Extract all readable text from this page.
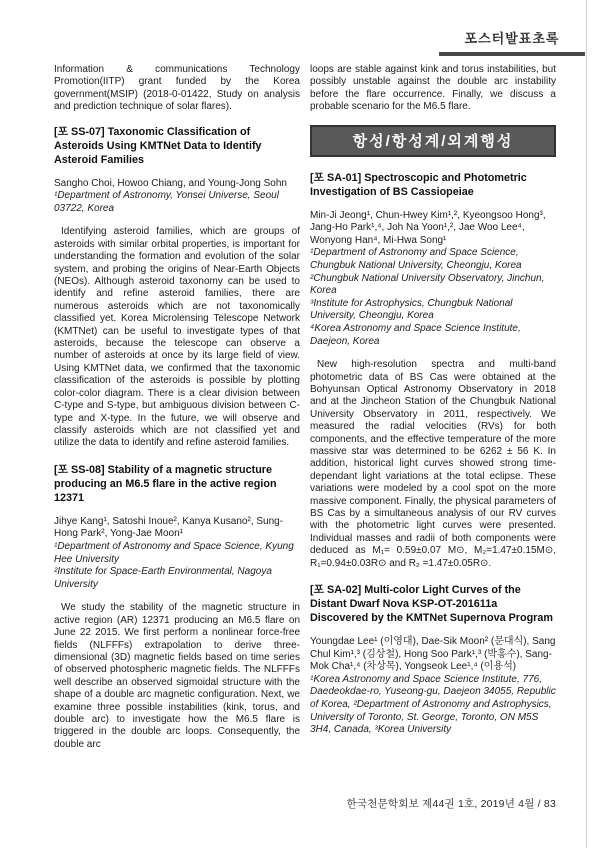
포스터발표초록

Information & communications Technology Promotion(IITP) grant funded by the Korea government(MSIP) (2018-0-01422, Study on analysis and prediction technique of solar flares).

[포 SS-07] Taxonomic Classification of Asteroids Using KMTNet Data to Identify Asteroid Families

Sangho Choi, Howoo Chiang, and Young-Jong Sohn

¹Department of Astronomy, Yonsei Universe, Seoul 03722, Korea

Identifying asteroid families, which are groups of asteroids with similar orbital properties, is important for understanding the formation and evolution of the solar system, and probing the origins of Near-Earth Objects (NEOs). Although asteroid taxonomy can be used to identify and refine asteroid families, there are numerous asteroids which are not taxonomically classified yet. Korea Microlensing Telescope Network (KMTNet) can be useful to investigate types of that asteroids, because the telescope can observe a number of asteroids at once by its large field of view. Using KMTNet data, we confirmed that the taxonomic classification of the asteroids is possible by plotting color-color diagram. There is a clear division between C-type and S-type, but ambiguous division between C-type and X-type. In the future, we will observe and classify asteroids which are not classified yet and utilize the data to identify and refine asteroid families.

[포 SS-08] Stability of a magnetic structure producing an M6.5 flare in the active region 12371

Jihye Kang¹, Satoshi Inoue², Kanya Kusano², Sung-Hong Park², Yong-Jae Moon¹

¹Department of Astronomy and Space Science, Kyung Hee University

²Institute for Space-Earth Environmental, Nagoya University

We study the stability of the magnetic structure in active region (AR) 12371 producing an M6.5 flare on June 22 2015. We first perform a nonlinear force-free fields (NLFFFs) extrapolation to derive three-dimensional (3D) magnetic fields based on time series of observed photospheric magnetic fields. The NLFFFs well describe an observed sigmoidal structure with the shape of a double arc magnetic configuration. Next, we examine three possible instabilities (kink, torus, and double arc) to investigate how the M6.5 flare is triggered in the double arc loops. Consequently, the double arc

loops are stable against kink and torus instabilities, but possibly unstable against the double arc instability before the flare occurrence. Finally, we discuss a probable scenario for the M6.5 flare.

항성/항성계/외계행성
[포 SA-01] Spectroscopic and Photometric Investigation of BS Cassiopeiae

Min-Ji Jeong¹, Chun-Hwey Kim¹,², Kyeongsoo Hong³, Jang-Ho Park¹,⁴, Joh Na Yoon¹,², Jae Woo Lee⁴, Wonyong Han⁴, Mi-Hwa Song¹

¹Department of Astronomy and Space Science, Chungbuk National University, Cheongju, Korea

²Chungbuk National University Observatory, Jinchun, Korea

³Institute for Astrophysics, Chungbuk National University, Cheongju, Korea

⁴Korea Astronomy and Space Science Institute, Daejeon, Korea

New high-resolution spectra and multi-band photometric data of BS Cas were obtained at the Bohyunsan Optical Astronomy Observatory in 2018 and at the Jincheon Station of the Chungbuk National University Observatory in 2011, respectively. We measured the radial velocities (RVs) for both components, and the effective temperature of the more massive star was determined to be 6262 ± 56 K. In addition, historical light curves showed strong time-dependant light variations at the total eclipse. These variations were modeled by a cool spot on the more massive component. Finally, the physical parameters of BS Cas by a simultaneous analysis of our RV curves with the photometric light curves were presented. Individual masses and radii of both components were deduced as M₁= 0.59±0.07 M⊙, M₂=1.47±0.15M⊙, R₁=0.94±0.03R⊙ and R₂ =1.47±0.05R⊙.

[포 SA-02] Multi-color Light Curves of the Distant Dwarf Nova KSP-OT-201611a Discovered by the KMTNet Supernova Program

Youngdae Lee¹ (이영대), Dae-Sik Moon² (문대식), Sang Chul Kim¹,³ (김상철), Hong Soo Park¹,³ (박홍수), Sang-Mok Cha¹,⁴ (차상목), Yongseok Lee¹,⁴ (이용석)

¹Korea Astronomy and Space Science Institute, 776, Daedeokdae-ro, Yuseong-gu, Daejeon 34055, Republic of Korea, ²Department of Astronomy and Astrophysics, University of Toronto, St. George, Toronto, ON M5S 3H4, Canada, ³Korea University

한국천문학회보 제44권 1호, 2019년 4월 / 83
